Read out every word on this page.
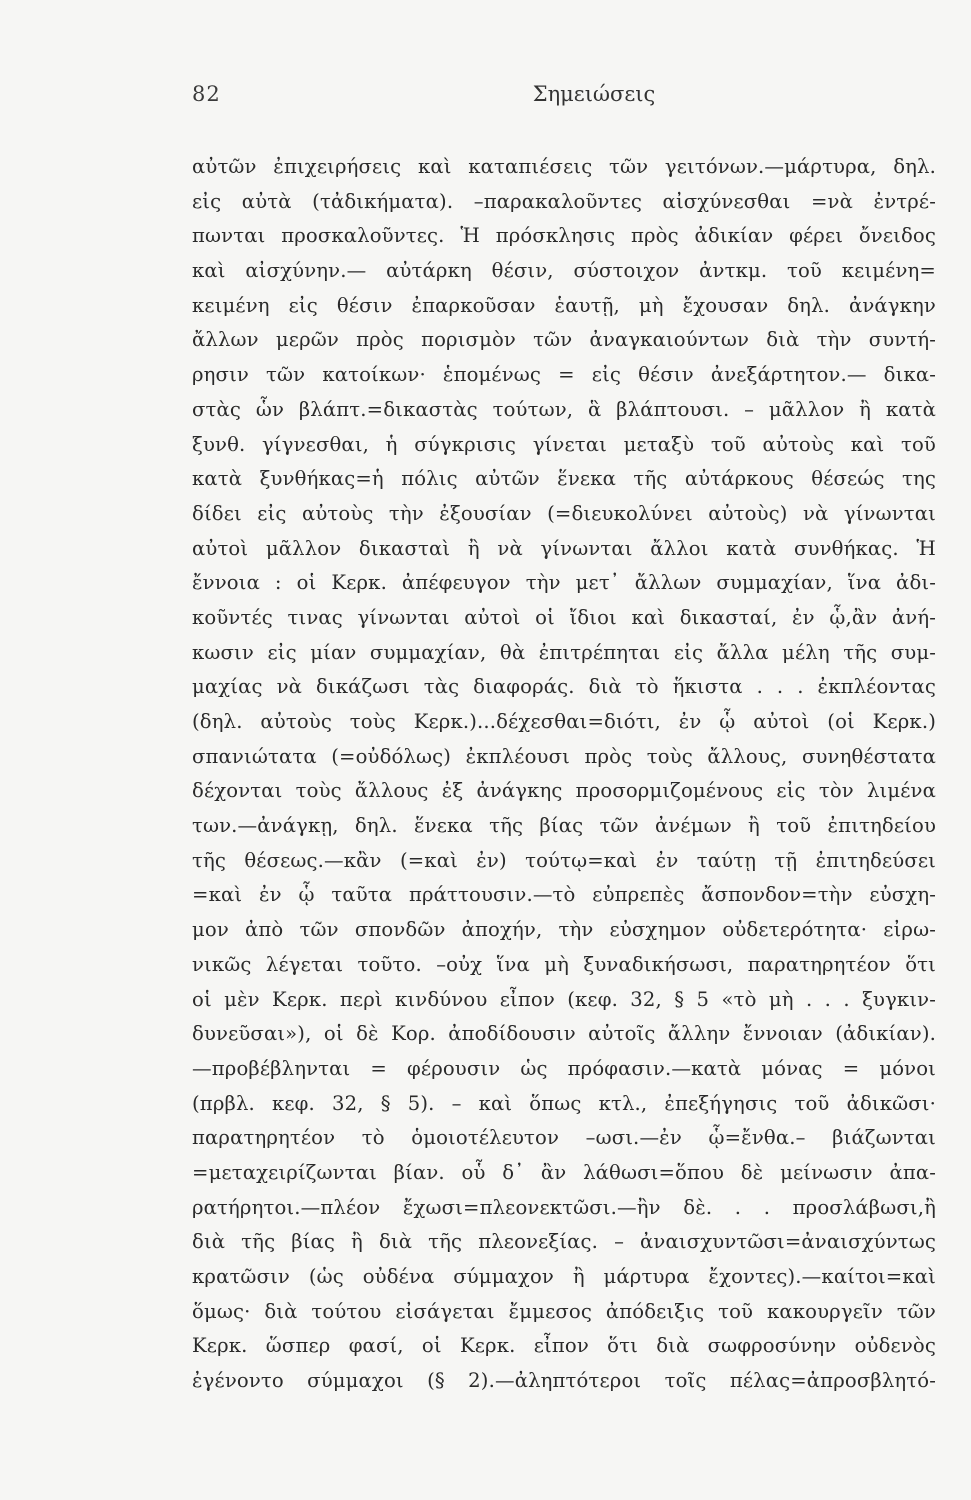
82	Σημειώσεις
αὐτῶν ἐπιχειρήσεις καὶ καταπιέσεις τῶν γειτόνων.—μάρτυρα, δηλ.
εἰς αὐτὰ (τἀδικήματα). –παρακαλοῦντες αἰσχύνεσθαι =νὰ ἐντρέ-
πωνται προσκαλοῦντες. Ἡ πρόσκλησις πρὸς ἀδικίαν φέρει ὄνειδος
καὶ αἰσχύνην.— αὐτάρκη θέσιν, σύστοιχον ἀντκμ. τοῦ κειμένη=
κειμένη εἰς θέσιν ἐπαρκοῦσαν ἑαυτῇ, μὴ ἔχουσαν δηλ. ἀνάγκην
ἄλλων μερῶν πρὸς πορισμὸν τῶν ἀναγκαιούντων διὰ τὴν συντή-
ρησιν τῶν κατοίκων· ἑπομένως = εἰς θέσιν ἀνεξάρτητον.— δικα-
στὰς ὧν βλάπτ.=δικαστὰς τούτων, ἃ βλάπτουσι. – μᾶλλον ἢ κατὰ
ξυνθ. γίγνεσθαι, ἡ σύγκρισις γίνεται μεταξὺ τοῦ αὐτοὺς καὶ τοῦ
κατὰ ξυνθήκας=ἡ πόλις αὐτῶν ἕνεκα τῆς αὐτάρκους θέσεώς της
δίδει εἰς αὐτοὺς τὴν ἐξουσίαν (=διευκολύνει αὐτοὺς) νὰ γίνωνται
αὐτοὶ μᾶλλον δικασταὶ ἢ νὰ γίνωνται ἄλλοι κατὰ συνθήκας. Ἡ
ἔννοια : οἱ Κερκ. ἀπέφευγον τὴν μετ᾽ ἄλλων συμμαχίαν, ἵνα ἀδι-
κοῦντές τινας γίνωνται αὐτοὶ οἱ ἴδιοι καὶ δικασταί, ἐν ᾧ,ἂν ἀνή-
κωσιν εἰς μίαν συμμαχίαν, θὰ ἐπιτρέπηται εἰς ἄλλα μέλη τῆς συμ-
μαχίας νὰ δικάζωσι τὰς διαφοράς. διὰ τὸ ἥκιστα . . . ἐκπλέοντας
(δηλ. αὐτοὺς τοὺς Κερκ.)...δέχεσθαι=διότι, ἐν ᾧ αὐτοὶ (οἱ Κερκ.)
σπανιώτατα (=οὐδόλως) ἐκπλέουσι πρὸς τοὺς ἄλλους, συνηθέστατα
δέχονται τοὺς ἄλλους ἐξ ἀνάγκης προσορμιζομένους εἰς τὸν λιμένα
των.—ἀνάγκῃ, δηλ. ἕνεκα τῆς βίας τῶν ἀνέμων ἢ τοῦ ἐπιτηδείου
τῆς θέσεως.—κἂν (=καὶ ἐν) τούτῳ=καὶ ἐν ταύτῃ τῇ ἐπιτηδεύσει
=καὶ ἐν ᾧ ταῦτα πράττουσιν.—τὸ εὐπρεπὲς ἄσπονδον=τὴν εὐσχη-
μον ἀπὸ τῶν σπονδῶν ἀποχήν, τὴν εὐσχημον οὐδετερότητα· εἰρω-
νικῶς λέγεται τοῦτο. –οὐχ ἵνα μὴ ξυναδικήσωσι, παρατηρητέον ὅτι
οἱ μὲν Κερκ. περὶ κινδύνου εἶπον (κεφ. 32, § 5 «τὸ μὴ . . . ξυγκιν-
δυνεῦσαι»), οἱ δὲ Κορ. ἀποδίδουσιν αὐτοῖς ἄλλην ἔννοιαν (ἀδικίαν).
—προβέβληνται = φέρουσιν ὡς πρόφασιν.—κατὰ μόνας = μόνοι
(πρβλ. κεφ. 32, § 5). – καὶ ὅπως κτλ., ἐπεξήγησις τοῦ ἀδικῶσι·
παρατηρητέον τὸ ὁμοιοτέλευτον –ωσι.—ἐν ᾧ=ἔνθα.– βιάζωνται
=μεταχειρίζωνται βίαν. οὗ δ᾽ ἂν λάθωσι=ὅπου δὲ μείνωσιν ἀπα-
ρατήρητοι.—πλέον ἔχωσι=πλεονεκτῶσι.—ἢν δὲ. . . προσλάβωσι,ἢ
διὰ τῆς βίας ἢ διὰ τῆς πλεονεξίας. – ἀναισχυντῶσι=ἀναισχύντως
κρατῶσιν (ὡς οὐδένα σύμμαχον ἢ μάρτυρα ἔχοντες).—καίτοι=καὶ
ὅμως· διὰ τούτου εἰσάγεται ἔμμεσος ἀπόδειξις τοῦ κακουργεῖν τῶν
Κερκ. ὥσπερ φασί, οἱ Κερκ. εἶπον ὅτι διὰ σωφροσύνην οὐδενὸς
ἐγένοντο σύμμαχοι (§ 2).—ἀληπτότεροι τοῖς πέλας=ἀπροσβλητό-
